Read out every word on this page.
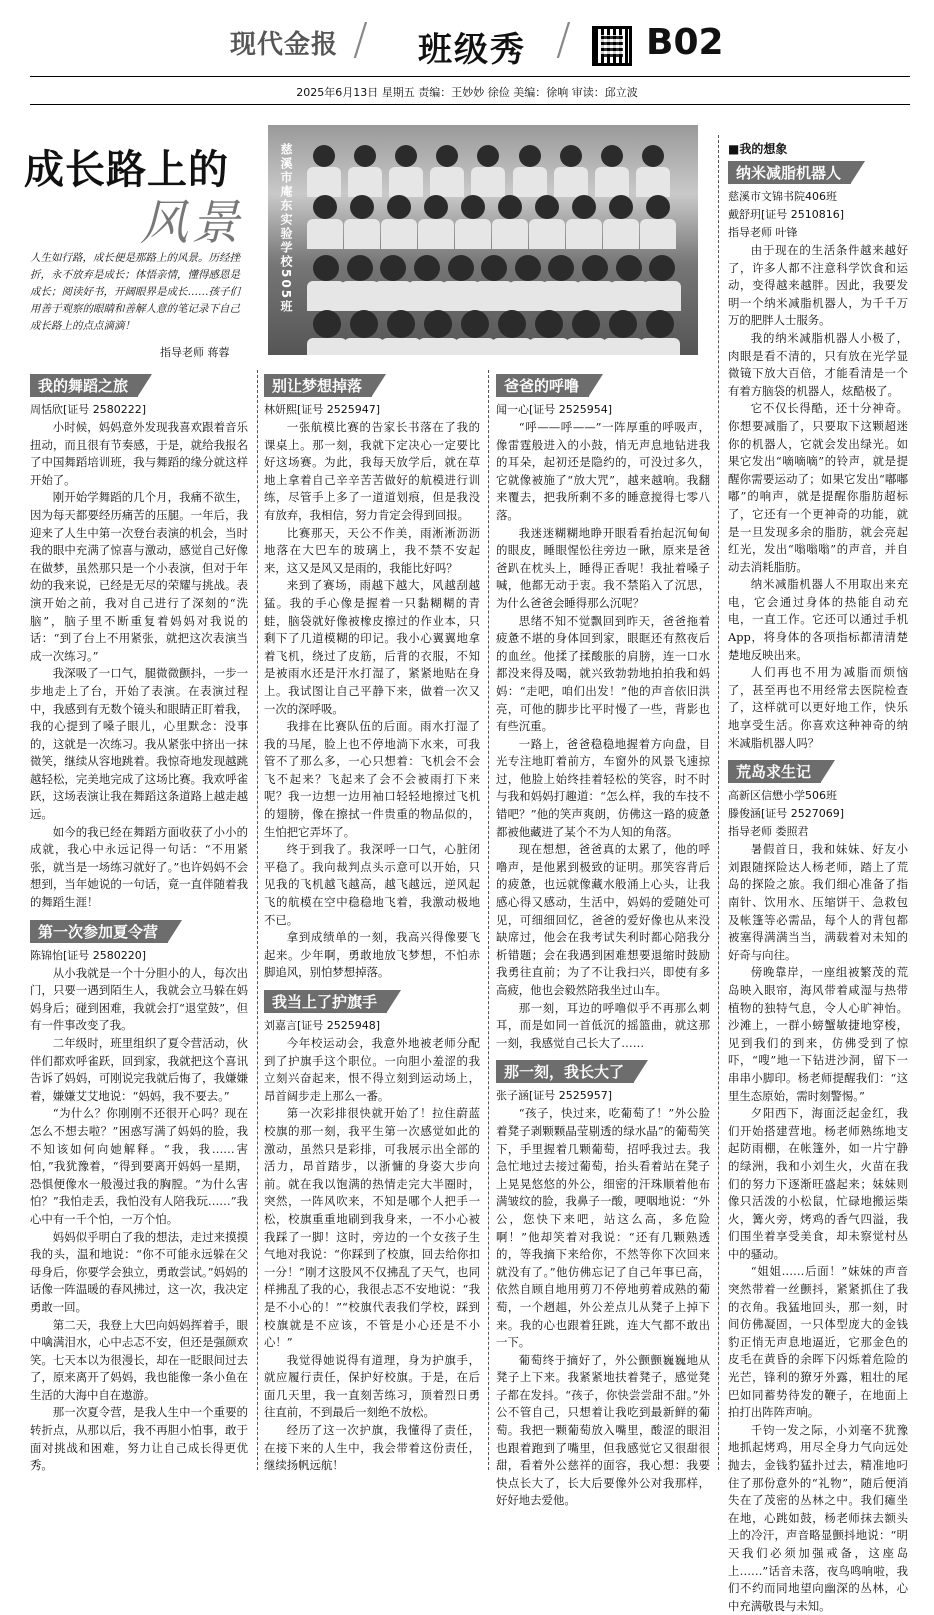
现代金报 / 班级秀 / B02
2025年6月13日 星期五 责编：王妙妙 徐俭 美编：徐响 审读：邱立波
成长路上的
风景
人生如行路，成长便是那路上的风景。历经挫折，永不放弃是成长；体悟亲情，懂得感恩是成长；阅读好书，开阔眼界是成长……孩子们用善于观察的眼睛和善解人意的笔记录下自己成长路上的点点滴滴！
指导老师 蒋蓉
慈溪市庵东实验学校505班
我的舞蹈之旅
周恬欣[证号 2580222]

小时候，妈妈意外发现我喜欢跟着音乐扭动，而且很有节奏感，于是，就给我报名了中国舞蹈培训班，我与舞蹈的缘分就这样开始了。

刚开始学舞蹈的几个月，我痛不欲生，因为每天都要经历痛苦的压腿。一年后，我迎来了人生中第一次登台表演的机会，当时我的眼中充满了惊喜与激动，感觉自己好像在做梦，虽然那只是一个小表演，但对于年幼的我来说，已经是无尽的荣耀与挑战。表演开始之前，我对自己进行了深刻的“洗脑”，脑子里不断重复着妈妈对我说的话：“到了台上不用紧张，就把这次表演当成一次练习。”

我深吸了一口气，腿微微颤抖，一步一步地走上了台，开始了表演。在表演过程中，我感到有无数个镜头和眼睛正盯着我，我的心提到了嗓子眼儿，心里默念：没事的，这就是一次练习。我从紧张中挤出一抹微笑，继续从容地跳着。我惊奇地发现越跳越轻松，完美地完成了这场比赛。我欢呼雀跃，这场表演让我在舞蹈这条道路上越走越远。

如今的我已经在舞蹈方面收获了小小的成就，我心中永远记得一句话：“不用紧张，就当是一场练习就好了。”也许妈妈不会想到，当年她说的一句话，竟一直伴随着我的舞蹈生涯！

第一次参加夏令营
陈锦怡[证号 2580220]

从小我就是一个十分胆小的人，每次出门，只要一遇到陌生人，我就会立马躲在妈妈身后；碰到困难，我就会打“退堂鼓”，但有一件事改变了我。

二年级时，班里组织了夏令营活动，伙伴们都欢呼雀跃，回到家，我就把这个喜讯告诉了妈妈，可刚说完我就后悔了，我嫌嫌着，嫌嫌艾艾地说：“妈妈，我不要去。”

“为什么？你刚刚不还很开心吗？现在怎么不想去啦？”困惑写满了妈妈的脸，我不知该如何向她解释。“我，我……害怕，”我犹豫着，“得到要离开妈妈一星期，恐惧便像水一般漫过我的胸膛。“为什么害怕？”我怕走丢，我怕没有人陪我玩……”我心中有一千个怕，一万个怕。

妈妈似乎明白了我的想法，走过来摸摸我的头，温和地说：“你不可能永远躲在父母身后，你要学会独立，勇敢尝试。”妈妈的话像一阵温暖的春风拂过，这一次，我决定勇敢一回。

第二天，我登上大巴向妈妈挥着手，眼中噙满泪水，心中忐忑不安，但还是强颜欢笑。七天本以为很漫长，却在一眨眼间过去了，原来离开了妈妈，我也能像一条小鱼在生活的大海中自在遨游。

那一次夏令营，是我人生中一个重要的转折点，从那以后，我不再胆小怕事，敢于面对挑战和困难，努力让自己成长得更优秀。

别让梦想掉落
林妍熙[证号 2525947]

一张航模比赛的告家长书落在了我的课桌上。那一刻，我就下定决心一定要比好这场赛。为此，我每天放学后，就在草地上拿着自己辛辛苦苦做好的航模进行训练，尽管手上多了一道道划痕，但是我没有放弃，我相信，努力肯定会得到回报。

比赛那天，天公不作美，雨淅淅沥沥地落在大巴车的玻璃上，我不禁不安起来，这又是风又是雨的，我能比好吗？

来到了赛场，雨越下越大，风越刮越猛。我的手心像是握着一只黏糊糊的青蛙，脑袋就好像被橡皮擦过的作业本，只剩下了几道模糊的印记。我小心翼翼地拿着飞机，绕过了皮筋，后背的衣服，不知是被雨水还是汗水打湿了，紧紧地贴在身上。我试图让自己平静下来，做着一次又一次的深呼吸。

我排在比赛队伍的后面。雨水打湿了我的马尾，脸上也不停地淌下水来，可我管不了那么多，一心只想着：飞机会不会飞不起来？飞起来了会不会被雨打下来呢？我一边想一边用袖口轻轻地擦过飞机的翅膀，像在擦拭一件贵重的物品似的，生怕把它弄坏了。

终于到我了。我深呼一口气，心脏闭平稳了。我向裁判点头示意可以开始，只见我的飞机越飞越高，越飞越远，逆风起飞的航模在空中稳稳地飞着，我激动极地不已。

拿到成绩单的一刻，我高兴得像要飞起来。少年啊，勇敢地放飞梦想，不怕赤脚追风，别怕梦想掉落。

我当上了护旗手
刘嘉言[证号 2525948]

今年校运动会，我意外地被老师分配到了护旗手这个职位。一向胆小羞涩的我立刻兴奋起来，恨不得立刻到运动场上，昂首阔步走上那么一番。

第一次彩排很快就开始了！拉住蔚蓝校旗的那一刻，我平生第一次感觉如此的激动，虽然只是彩排，可我展示出全部的活力，昂首踏步，以浙慵的身姿大步向前。就在我以饱满的热情走完大半圈时，突然，一阵风吹来，不知是哪个人把手一松，校旗重重地刷到我身来，一不小心被我踩了一脚！这时，旁边的一个女孩子生气地对我说：“你踩到了校旗，回去给你扣一分！”刚才这股风不仅拂乱了天气，也同样拂乱了我的心，我很忐忑不安地说：“我是不小心的！”“校旗代表我们学校，踩到校旗就是不应该，不管是小心还是不小心！”

我觉得她说得有道理，身为护旗手，就应履行责任，保护好校旗。于是，在后面几天里，我一直刻苦练习，顶着烈日勇往直前，不到最后一刻绝不放松。

经历了这一次护旗，我懂得了责任，在接下来的人生中，我会带着这份责任，继续扬帆远航！

爸爸的呼噜
闻一心[证号 2525954]

“呼——呼——”一阵厚重的呼吸声，像雷霆般进入的小鼓，悄无声息地钻进我的耳朵，起初还是隐约的，可没过多久，它就像被施了“放大咒”，越来越响。我翻来覆去，把我所剩不多的睡意搅得七零八落。

我迷迷糊糊地睁开眼看看抬起沉甸甸的眼皮，睡眼惺忪往旁边一瞅，原来是爸爸趴在枕头上，睡得正香呢！我扯着嗓子喊，他都无动于衷。我不禁陷入了沉思，为什么爸爸会睡得那么沉呢？

思绪不知不觉飘回到昨天，爸爸拖着疲惫不堪的身体回到家，眼眶还有熬夜后的血丝。他揉了揉酸胀的肩膀，连一口水都没来得及喝，就兴致勃勃地拍拍我和妈妈：“走吧，咱们出发！”他的声音依旧洪亮，可他的脚步比平时慢了一些，背影也有些沉重。

一路上，爸爸稳稳地握着方向盘，目光专注地盯着前方，车窗外的风景飞速掠过，他脸上始终挂着轻松的笑容，时不时与我和妈妈打趣道：“怎么样，我的车技不错吧？”他的笑声爽朗，仿佛这一路的疲惫都被他藏进了某个不为人知的角落。

现在想想，爸爸真的太累了，他的呼噜声，是他累到极致的证明。那笑容背后的疲惫，也远就像藏水般涌上心头，让我感心得又感动，生活中，妈妈的爱随处可见，可细细回忆，爸爸的爱好像也从来没缺席过，他会在我考试失利时都心陪我分析错题；会在我遇到困难想要退缩时鼓励我勇往直前；为了不让我扫兴，即使有多高疲，他也会毅然陪我坐过山车。

那一刻，耳边的呼噜似乎不再那么刺耳，而是如同一首低沉的摇篮曲，就这那一刻，我感觉自己长大了……

那一刻，我长大了
张子涵[证号 2525957]

“孩子，快过来，吃葡萄了！”外公脸着凳子剥颗颗晶莹剔透的绿水晶”的葡萄笑下，手里握着几颗葡萄，招呼我过去。我急忙地过去接过葡萄，抬头看着站在凳子上晃晃悠悠的外公，细密的汗珠顺着他布满皱纹的脸，我鼻子一酸，哽咽地说：“外公，您快下来吧，站这么高，多危险啊！”他却笑着对我说：“还有几颗熟透的，等我摘下来给你，不然等你下次回来就没有了。”他仿佛忘记了自己年事已高，依然自顾自地用剪刀不停地剪着成熟的葡萄，一个趔趄，外公差点儿从凳子上掉下来。我的心也跟着狂跳，连大气都不敢出一下。

葡萄终于摘好了，外公颤颤巍巍地从凳子上下来。我紧紧地扶着凳子，感觉凳子都在发抖。“孩子，你快尝尝甜不甜。”外公不管自己，只想着让我吃到最新鲜的葡萄。我把一颗葡萄放入嘴里，酸涩的眼泪也跟着跑到了嘴里，但我感觉它又很甜很甜，看着外公慈祥的面容，我心想：我要快点长大了，长大后要像外公对我那样，好好地去爱他。

■我的想象
纳米减脂机器人
慈溪市文锦书院406班
戴舒玥[证号 2510816]
指导老师 叶锋

由于现在的生活条件越来越好了，许多人都不注意科学饮食和运动，变得越来越胖。因此，我要发明一个纳米减脂机器人，为千千万万的肥胖人士服务。

我的纳米减脂机器人小极了，肉眼是看不清的，只有放在光学显微镜下放大百倍，才能看清是一个有着方脑袋的机器人，炫酷极了。

它不仅长得酷，还十分神奇。你想要减脂了，只要取下这颗超迷你的机器人，它就会发出绿光。如果它发出“嘀嘀嘀”的铃声，就是提醒你需要运动了；如果它发出“嘟嘟嘟”的响声，就是提醒你脂肪超标了，它还有一个更神奇的功能，就是一旦发现多余的脂肪，就会亮起红光，发出“嗡嗡嗡”的声音，并自动去消耗脂肪。

纳米减脂机器人不用取出来充电，它会通过身体的热能自动充电，一直工作。它还可以通过手机App，将身体的各项指标都清清楚楚地反映出来。

人们再也不用为减脂而烦恼了，甚至再也不用经常去医院检查了，这样就可以更好地工作，快乐地享受生活。你喜欢这种神奇的纳米减脂机器人吗？

荒岛求生记
高新区信懋小学506班
滕俊涵[证号 2527069]
指导老师 娄照君

暑假首日，我和妹妹、好友小刘跟随探险达人杨老师，踏上了荒岛的探险之旅。我们细心准备了指南针、饮用水、压缩饼干、急救包及帐篷等必需品，每个人的背包都被塞得满满当当，满载着对未知的好奇与向往。

傍晚靠岸，一座组被繁茂的荒岛映入眼帘，海风带着咸湿与热带植物的独特气息，令人心旷神怡。沙滩上，一群小螃蟹敏捷地穿梭，见到我们的到来，仿佛受到了惊吓，“嗖”地一下钻进沙洞，留下一串串小脚印。杨老师提醒我们：“这里生态原始，需时刻警惕。”

夕阳西下，海面泛起金红，我们开始搭建营地。杨老师熟练地支起防雨棚，在帐篷外，如一片宁静的绿洲，我和小刘生火，火苗在我们的努力下逐渐旺盛起来；妹妹则像只活泼的小松鼠，忙碌地搬运柴火，篝火旁，烤鸡的香气四溢，我们围坐着享受美食，却未察觉村丛中的骚动。

“姐姐……后面！”妹妹的声音突然带着一丝颤抖，紧紧抓住了我的衣角。我猛地回头，那一刻，时间仿佛凝固，一只体型庞大的金钱豹正悄无声息地逼近，它那金色的皮毛在黄昏的余晖下闪烁着危险的光芒，锋利的獠牙外露，粗壮的尾巴如同蓄势待发的鞭子，在地面上拍打出阵阵声响。

千钧一发之际，小刘毫不犹豫地抓起烤鸡，用尽全身力气向远处抛去，金钱豹猛扑过去，精准地叼住了那份意外的“礼物”，随后便消失在了茂密的丛林之中。我们瘫坐在地，心跳如鼓，杨老师抹去额头上的冷汗，声音略显颤抖地说：“明天我们必须加强戒备，这座岛上……”话音未落，夜鸟鸣响啦，我们不约而同地望向幽深的丛林，心中充满敬畏与未知。
